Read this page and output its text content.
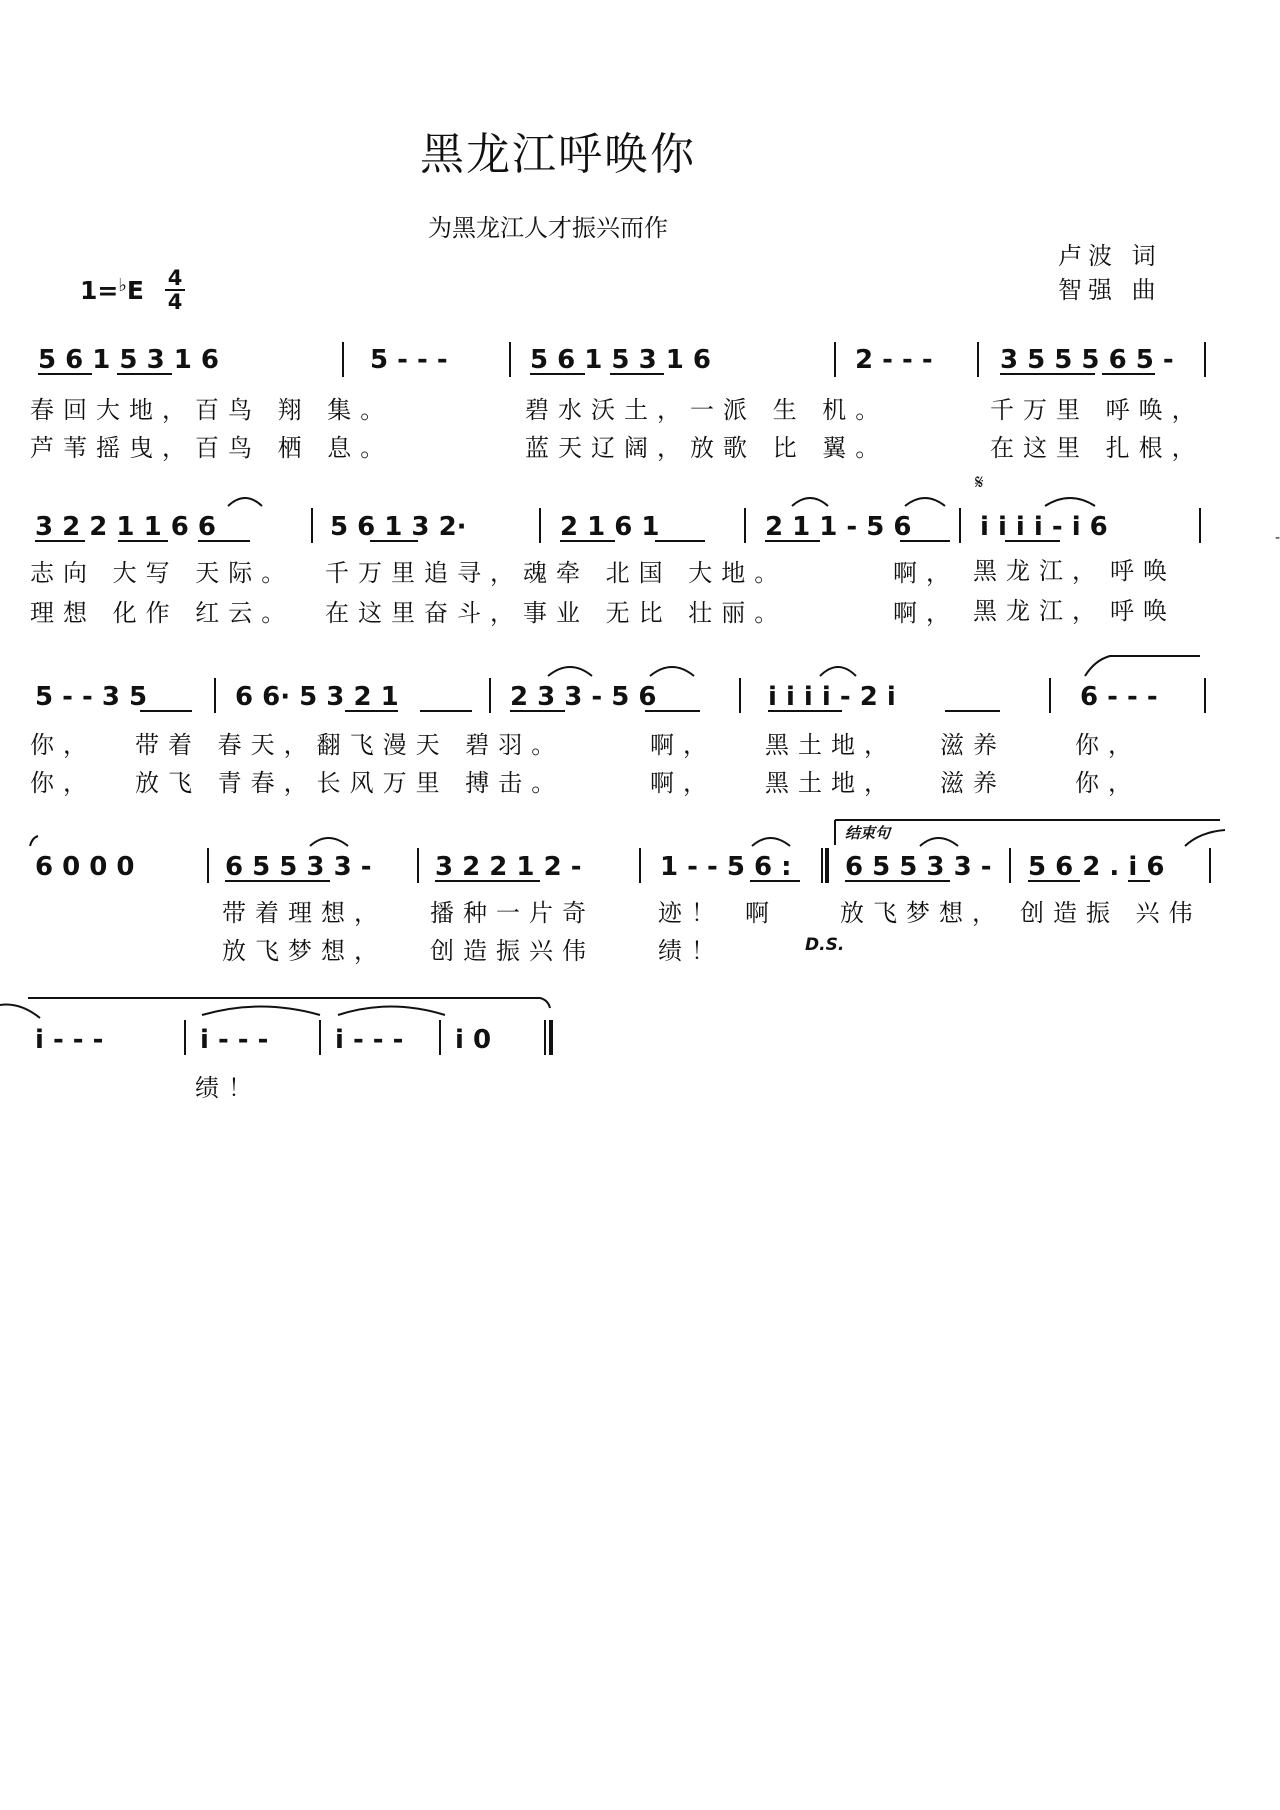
黑龙江呼唤你
为黑龙江人才振兴而作
卢波 词
智强 曲
1=♭E 4
4
5 6 1 5 3 1 6	5 - - -	5 6 1 5 3 1 6	2 - - -	3 5 5 5 6 5 -
春回大地，百鸟 翔 集。	碧水沃土，一派 生 机。	千万里 呼唤，
芦苇摇曳，百鸟 栖 息。	蓝天辽阔，放歌 比 翼。	在这里 扎根，
𝄋
3 2 2 1 1 6 6	5 6 1 3 2·	2 1 6 1	2 1 1 - 5 6	i i i i - i 6
志向 大写 天际。 千万里追寻，魂牵 北国 大地。	啊， 黑龙江， 呼唤
理想 化作 红云。 在这里奋斗，事业 无比 壮丽。	啊， 黑龙江， 呼唤
5 - - 3 5	6 6· 5 3 2 1	2 3 3 - 5 6	i i i i - 2 i	6 - - -
你， 带着 春天，翻飞漫天 碧羽。	啊， 黑土地， 滋养	你，
你， 放飞 青春，长风万里 搏击。	啊， 黑土地， 滋养	你，
结束句
6 0 0 0	6 5 5 3 3 - 3 2 2 1 2 -	1 - - 5 6 : 6 5 5 3 3 - 5 6 2 . i 6
带着理想， 播种一片奇	迹！ 啊	放飞梦想， 创造振 兴伟
放飞梦想， 创造振兴伟	绩！	D.S.
i - - -	i - - -	i - - - i 0
绩！
-
